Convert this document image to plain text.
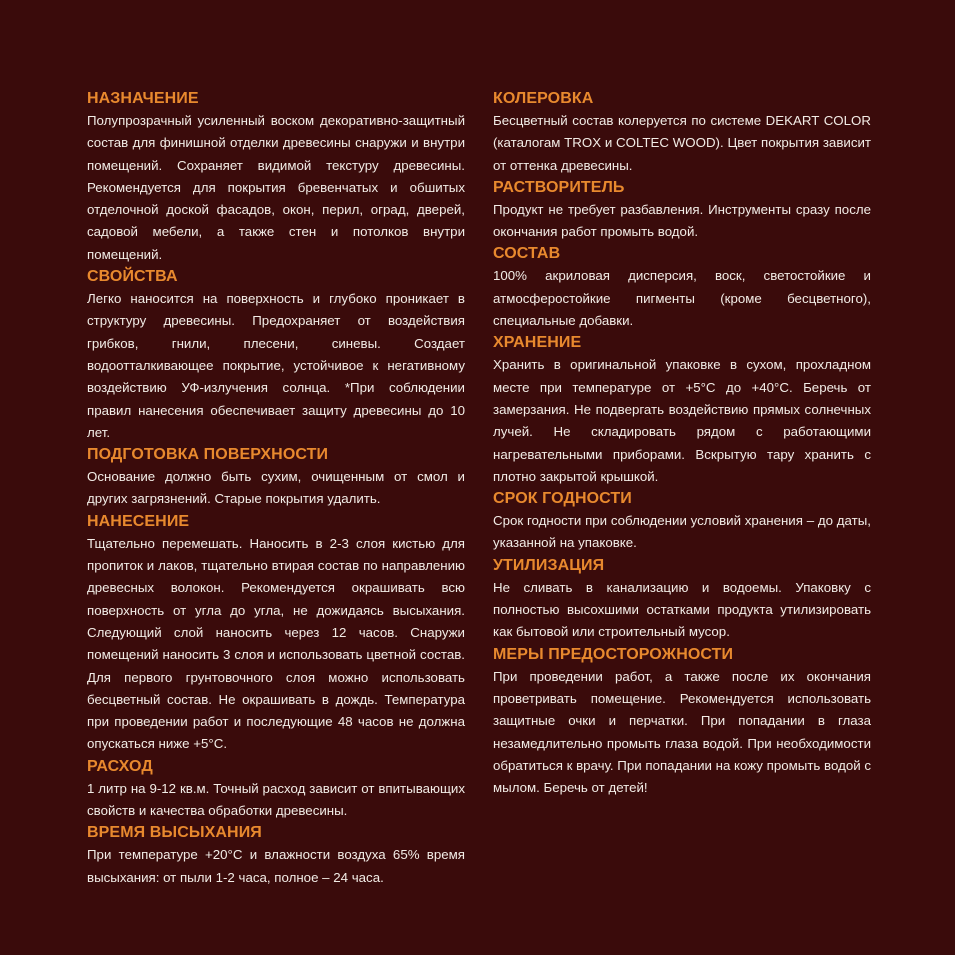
НАЗНАЧЕНИЕ

Полупрозрачный усиленный воском декоративно-защитный состав для финишной отделки древесины снаружи и внутри помещений. Сохраняет видимой текстуру древесины. Рекомендуется для покрытия бревенчатых и обшитых отделочной доской фасадов, окон, перил, оград, дверей, садовой мебели, а также стен и потолков внутри помещений.

СВОЙСТВА

Легко наносится на поверхность и глубоко проникает в структуру древесины. Предохраняет от воздействия грибков, гнили, плесени, синевы. Создает водоотталкивающее покрытие, устойчивое к негативному воздействию УФ-излучения солнца. *При соблюдении правил нанесения обеспечивает защиту древесины до 10 лет.

ПОДГОТОВКА ПОВЕРХНОСТИ

Основание должно быть сухим, очищенным от смол и других загрязнений. Старые покрытия удалить.

НАНЕСЕНИЕ

Тщательно перемешать. Наносить в 2-3 слоя кистью для пропиток и лаков, тщательно втирая состав по направлению древесных волокон. Рекомендуется окрашивать всю поверхность от угла до угла, не дожидаясь высыхания. Следующий слой наносить через 12 часов. Снаружи помещений наносить 3 слоя и использовать цветной состав. Для первого грунтовочного слоя можно использовать бесцветный состав. Не окрашивать в дождь. Температура при проведении работ и последующие 48 часов не должна опускаться ниже +5°С.

РАСХОД

1 литр на 9-12 кв.м. Точный расход зависит от впитывающих свойств и качества обработки древесины.

ВРЕМЯ ВЫСЫХАНИЯ

При температуре +20°С и влажности воздуха 65% время высыхания: от пыли 1-2 часа, полное – 24 часа.

КОЛЕРОВКА

Бесцветный состав колеруется по системе DEKART COLOR (каталогам TROX и COLTEC WOOD). Цвет покрытия зависит от оттенка древесины.

РАСТВОРИТЕЛЬ

Продукт не требует разбавления. Инструменты сразу после окончания работ промыть водой.

СОСТАВ

100% акриловая дисперсия, воск, светостойкие и атмосферостойкие пигменты (кроме бесцветного), специальные добавки.

ХРАНЕНИЕ

Хранить в оригинальной упаковке в сухом, прохладном месте при температуре от +5°С до +40°С. Беречь от замерзания. Не подвергать воздействию прямых солнечных лучей. Не складировать рядом с работающими нагревательными приборами. Вскрытую тару хранить с плотно закрытой крышкой.

СРОК ГОДНОСТИ

Срок годности при соблюдении условий хранения – до даты, указанной на упаковке.

УТИЛИЗАЦИЯ

Не сливать в канализацию и водоемы. Упаковку с полностью высохшими остатками продукта утилизировать как бытовой или строительный мусор.

МЕРЫ ПРЕДОСТОРОЖНОСТИ

При проведении работ, а также после их окончания проветривать помещение. Рекомендуется использовать защитные очки и перчатки. При попадании в глаза незамедлительно промыть глаза водой. При необходимости обратиться к врачу. При попадании на кожу промыть водой с мылом. Беречь от детей!
